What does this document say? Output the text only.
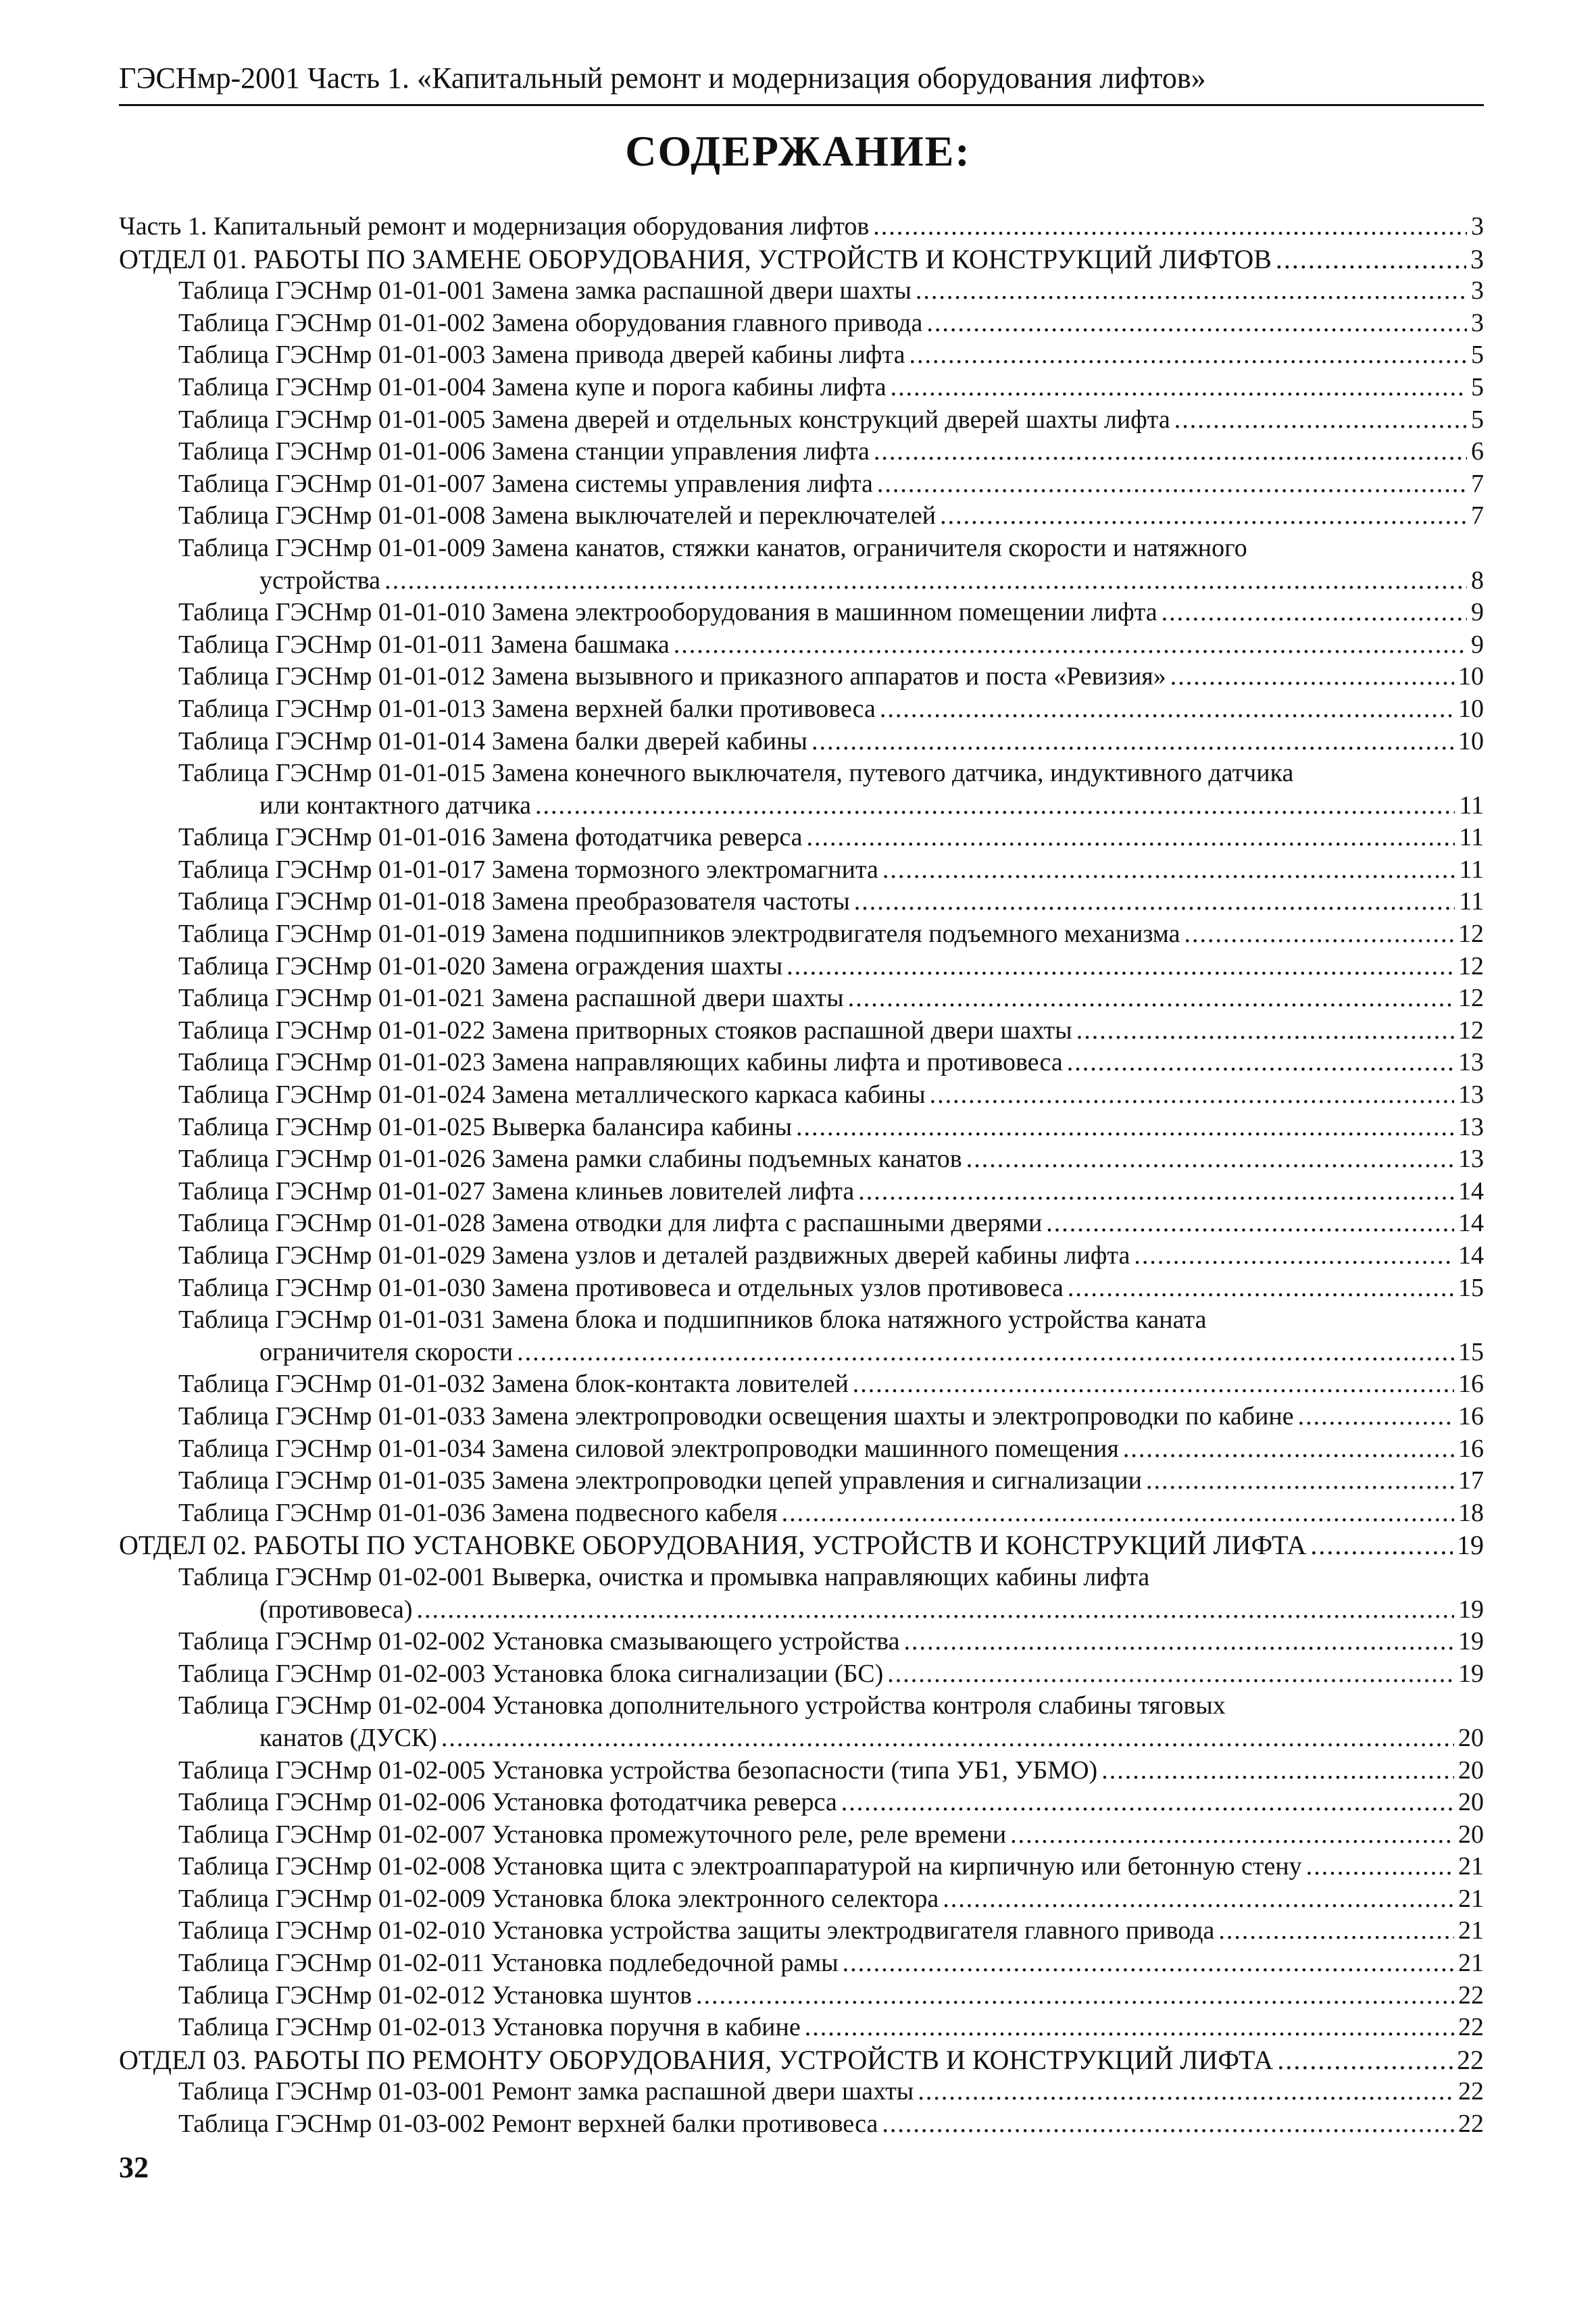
ГЭСНмр-2001 Часть 1. «Капитальный ремонт и модернизация оборудования лифтов»
СОДЕРЖАНИЕ:
Часть 1. Капитальный ремонт и модернизация оборудования лифтов .....	3
ОТДЕЛ 01. РАБОТЫ ПО ЗАМЕНЕ ОБОРУДОВАНИЯ, УСТРОЙСТВ И КОНСТРУКЦИЙ ЛИФТОВ .....	3
Таблица ГЭСНмр 01-01-001 Замена замка распашной двери шахты .....	3
Таблица ГЭСНмр 01-01-002 Замена оборудования главного привода .....	3
Таблица ГЭСНмр 01-01-003 Замена привода дверей кабины лифта .....	5
Таблица ГЭСНмр 01-01-004 Замена купе и порога кабины лифта .....	5
Таблица ГЭСНмр 01-01-005 Замена дверей и отдельных конструкций дверей шахты лифта .....	5
Таблица ГЭСНмр 01-01-006 Замена станции управления лифта .....	6
Таблица ГЭСНмр 01-01-007 Замена системы управления лифта .....	7
Таблица ГЭСНмр 01-01-008 Замена выключателей и переключателей .....	7
Таблица ГЭСНмр 01-01-009 Замена канатов, стяжки канатов, ограничителя скорости и натяжного
устройства .....	8
Таблица ГЭСНмр 01-01-010 Замена электрооборудования в машинном помещении лифта .....	9
Таблица ГЭСНмр 01-01-011 Замена башмака .....	9
Таблица ГЭСНмр 01-01-012 Замена вызывного и приказного аппаратов и поста «Ревизия» .....	10
Таблица ГЭСНмр 01-01-013 Замена верхней балки противовеса .....	10
Таблица ГЭСНмр 01-01-014 Замена балки дверей кабины .....	10
Таблица ГЭСНмр 01-01-015 Замена конечного выключателя, путевого датчика, индуктивного датчика
или контактного датчика .....	11
Таблица ГЭСНмр 01-01-016 Замена фотодатчика реверса .....	11
Таблица ГЭСНмр 01-01-017 Замена тормозного электромагнита .....	11
Таблица ГЭСНмр 01-01-018 Замена преобразователя частоты .....	11
Таблица ГЭСНмр 01-01-019 Замена подшипников электродвигателя подъемного механизма .....	12
Таблица ГЭСНмр 01-01-020 Замена ограждения шахты .....	12
Таблица ГЭСНмр 01-01-021 Замена распашной двери шахты .....	12
Таблица ГЭСНмр 01-01-022 Замена притворных стояков распашной двери шахты .....	12
Таблица ГЭСНмр 01-01-023 Замена направляющих кабины лифта и противовеса .....	13
Таблица ГЭСНмр 01-01-024 Замена металлического каркаса кабины .....	13
Таблица ГЭСНмр 01-01-025 Выверка балансира кабины .....	13
Таблица ГЭСНмр 01-01-026 Замена рамки слабины подъемных канатов .....	13
Таблица ГЭСНмр 01-01-027 Замена клиньев ловителей лифта .....	14
Таблица ГЭСНмр 01-01-028 Замена отводки для лифта с распашными дверями .....	14
Таблица ГЭСНмр 01-01-029 Замена узлов и деталей раздвижных дверей кабины лифта .....	14
Таблица ГЭСНмр 01-01-030 Замена противовеса и отдельных узлов противовеса .....	15
Таблица ГЭСНмр 01-01-031 Замена блока и подшипников блока натяжного устройства каната
ограничителя скорости .....	15
Таблица ГЭСНмр 01-01-032 Замена блок-контакта ловителей .....	16
Таблица ГЭСНмр 01-01-033 Замена электропроводки освещения шахты и электропроводки по кабине .....	16
Таблица ГЭСНмр 01-01-034 Замена силовой электропроводки машинного помещения .....	16
Таблица ГЭСНмр 01-01-035 Замена электропроводки цепей управления и сигнализации .....	17
Таблица ГЭСНмр 01-01-036 Замена подвесного кабеля .....	18
ОТДЕЛ 02. РАБОТЫ ПО УСТАНОВКЕ ОБОРУДОВАНИЯ, УСТРОЙСТВ И КОНСТРУКЦИЙ ЛИФТА .....	19
Таблица ГЭСНмр 01-02-001 Выверка, очистка и промывка направляющих кабины лифта
(противовеса) .....	19
Таблица ГЭСНмр 01-02-002 Установка смазывающего устройства .....	19
Таблица ГЭСНмр 01-02-003 Установка блока сигнализации (БС) .....	19
Таблица ГЭСНмр 01-02-004 Установка дополнительного устройства контроля слабины тяговых
канатов (ДУСК) .....	20
Таблица ГЭСНмр 01-02-005 Установка устройства безопасности (типа УБ1, УБМО) .....	20
Таблица ГЭСНмр 01-02-006 Установка фотодатчика реверса .....	20
Таблица ГЭСНмр 01-02-007 Установка промежуточного реле, реле времени .....	20
Таблица ГЭСНмр 01-02-008 Установка щита с электроаппаратурой на кирпичную или бетонную стену .....	21
Таблица ГЭСНмр 01-02-009 Установка блока электронного селектора .....	21
Таблица ГЭСНмр 01-02-010 Установка устройства защиты электродвигателя главного привода .....	21
Таблица ГЭСНмр 01-02-011 Установка подлебедочной рамы .....	21
Таблица ГЭСНмр 01-02-012 Установка шунтов .....	22
Таблица ГЭСНмр 01-02-013 Установка поручня в кабине .....	22
ОТДЕЛ 03. РАБОТЫ ПО РЕМОНТУ ОБОРУДОВАНИЯ, УСТРОЙСТВ И КОНСТРУКЦИЙ ЛИФТА .....	22
Таблица ГЭСНмр 01-03-001 Ремонт замка распашной двери шахты .....	22
Таблица ГЭСНмр 01-03-002 Ремонт верхней балки противовеса .....	22
32
